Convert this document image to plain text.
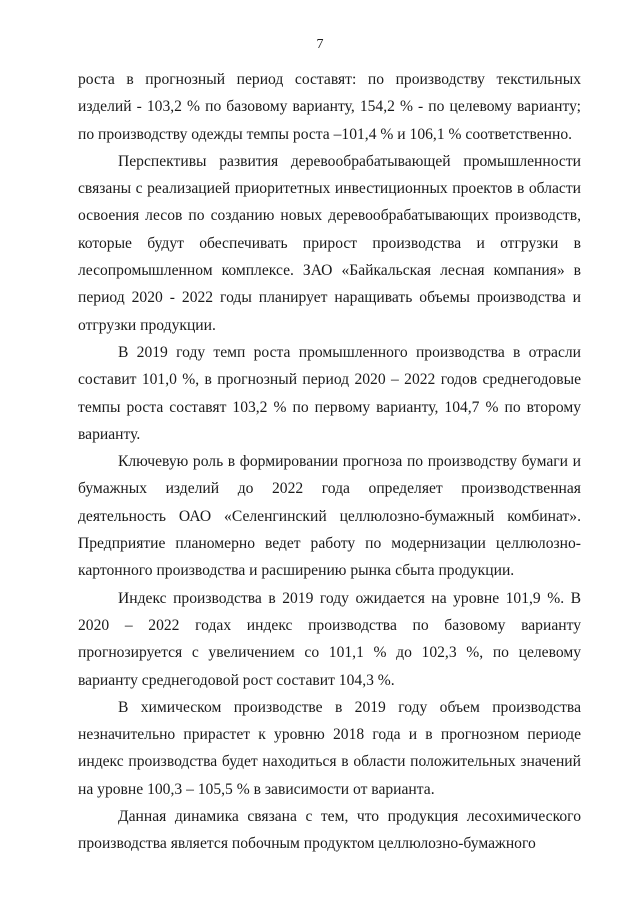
7

роста в прогнозный период составят: по производству текстильных изделий - 103,2 % по базовому варианту, 154,2 % - по целевому варианту; по производству одежды темпы роста –101,4 % и 106,1 % соответственно.

Перспективы развития деревообрабатывающей промышленности связаны с реализацией приоритетных инвестиционных проектов в области освоения лесов по созданию новых деревообрабатывающих производств, которые будут обеспечивать прирост производства и отгрузки в лесопромышленном комплексе. ЗАО «Байкальская лесная компания» в период 2020 - 2022 годы планирует наращивать объемы производства и отгрузки продукции.

В 2019 году темп роста промышленного производства в отрасли составит 101,0 %, в прогнозный период 2020 – 2022 годов среднегодовые темпы роста составят 103,2 % по первому варианту, 104,7 % по второму варианту.

Ключевую роль в формировании прогноза по производству бумаги и бумажных изделий до 2022 года определяет производственная деятельность ОАО «Селенгинский целлюлозно-бумажный комбинат». Предприятие планомерно ведет работу по модернизации целлюлозно-картонного производства и расширению рынка сбыта продукции.

Индекс производства в 2019 году ожидается на уровне 101,9 %. В 2020 – 2022 годах индекс производства по базовому варианту прогнозируется с увеличением со 101,1 % до 102,3 %, по целевому варианту среднегодовой рост составит 104,3 %.

В химическом производстве в 2019 году объем производства незначительно прирастет к уровню 2018 года и в прогнозном периоде индекс производства будет находиться в области положительных значений на уровне 100,3 – 105,5 % в зависимости от варианта.

Данная динамика связана с тем, что продукция лесохимического производства является побочным продуктом целлюлозно-бумажного
